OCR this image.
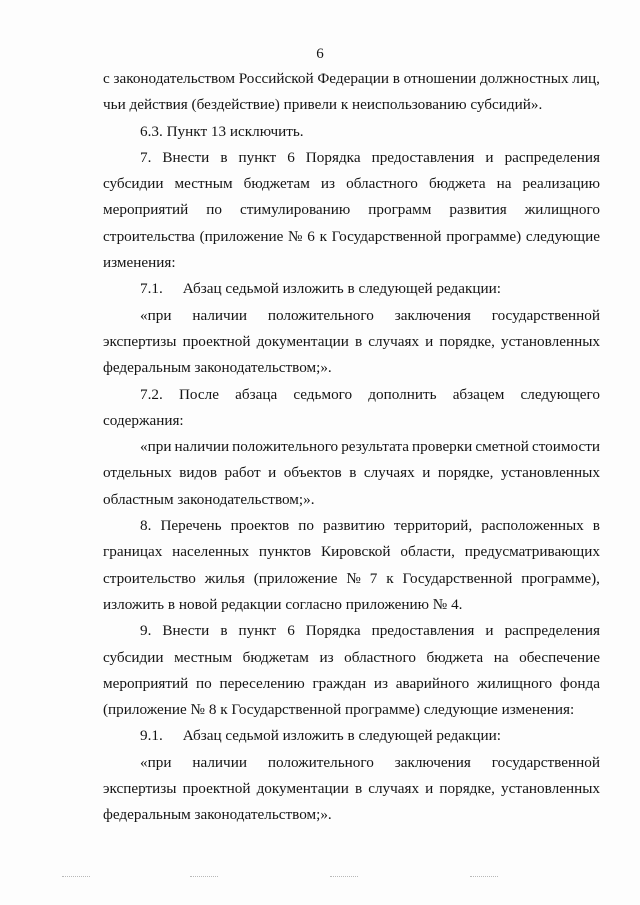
6
с законодательством Российской Федерации в отношении должностных лиц,
чьи действия (бездействие) привели к неиспользованию субсидий».
6.3. Пункт 13 исключить.
7. Внести в пункт 6 Порядка предоставления и распределения
субсидии местным бюджетам из областного бюджета на реализацию
мероприятий по стимулированию программ развития жилищного
строительства (приложение № 6 к Государственной программе) следующие
изменения:
7.1. Абзац седьмой изложить в следующей редакции:
«при наличии положительного заключения государственной
экспертизы проектной документации в случаях и порядке, установленных
федеральным законодательством;».
7.2. После абзаца седьмого дополнить абзацем следующего
содержания:
«при наличии положительного результата проверки сметной стоимости
отдельных видов работ и объектов в случаях и порядке, установленных
областным законодательством;».
8. Перечень проектов по развитию территорий, расположенных в
границах населенных пунктов Кировской области, предусматривающих
строительство жилья (приложение № 7 к Государственной программе),
изложить в новой редакции согласно приложению № 4.
9. Внести в пункт 6 Порядка предоставления и распределения
субсидии местным бюджетам из областного бюджета на обеспечение
мероприятий по переселению граждан из аварийного жилищного фонда
(приложение № 8 к Государственной программе) следующие изменения:
9.1. Абзац седьмой изложить в следующей редакции:
«при наличии положительного заключения государственной
экспертизы проектной документации в случаях и порядке, установленных
федеральным законодательством;».
